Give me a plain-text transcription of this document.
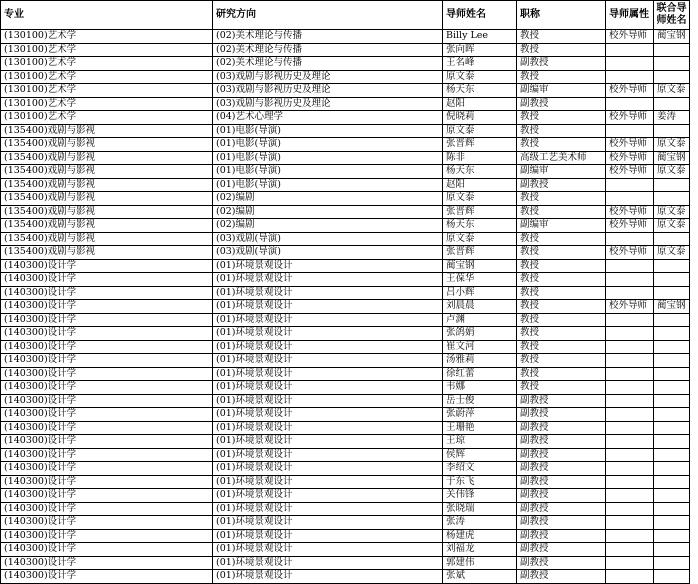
专业	研究方向	导师姓名	职称	导师属性	联合导师姓名
(130100)艺术学	(02)美术理论与传播	Billy Lee	教授	校外导师	蔺宝钢
(130100)艺术学	(02)美术理论与传播	张向晖	教授		
(130100)艺术学	(02)美术理论与传播	王名峰	副教授		
(130100)艺术学	(03)戏剧与影视历史及理论	原文泰	教授		
(130100)艺术学	(03)戏剧与影视历史及理论	杨天东	副编审	校外导师	原文泰
(130100)艺术学	(03)戏剧与影视历史及理论	赵阳	副教授		
(130100)艺术学	(04)艺术心理学	倪晓莉	教授	校外导师	姜涛
(135400)戏剧与影视	(01)电影(导演)	原文泰	教授		
(135400)戏剧与影视	(01)电影(导演)	张晋辉	教授	校外导师	原文泰
(135400)戏剧与影视	(01)电影(导演)	陈非	高级工艺美术师	校外导师	蔺宝钢
(135400)戏剧与影视	(01)电影(导演)	杨天东	副编审	校外导师	原文泰
(135400)戏剧与影视	(01)电影(导演)	赵阳	副教授		
(135400)戏剧与影视	(02)编剧	原文泰	教授		
(135400)戏剧与影视	(02)编剧	张晋辉	教授	校外导师	原文泰
(135400)戏剧与影视	(02)编剧	杨天东	副编审	校外导师	原文泰
(135400)戏剧与影视	(03)戏剧(导演)	原文泰	教授		
(135400)戏剧与影视	(03)戏剧(导演)	张晋辉	教授	校外导师	原文泰
(140300)设计学	(01)环境景观设计	蔺宝钢	教授		
(140300)设计学	(01)环境景观设计	王葆华	教授		
(140300)设计学	(01)环境景观设计	吕小辉	教授		
(140300)设计学	(01)环境景观设计	刘晨晨	教授	校外导师	蔺宝钢
(140300)设计学	(01)环境景观设计	卢渊	教授		
(140300)设计学	(01)环境景观设计	张鸽娟	教授		
(140300)设计学	(01)环境景观设计	崔文河	教授		
(140300)设计学	(01)环境景观设计	汤雅莉	教授		
(140300)设计学	(01)环境景观设计	徐红蕾	教授		
(140300)设计学	(01)环境景观设计	韦娜	教授		
(140300)设计学	(01)环境景观设计	岳士俊	副教授		
(140300)设计学	(01)环境景观设计	张蔚萍	副教授		
(140300)设计学	(01)环境景观设计	王珊艳	副教授		
(140300)设计学	(01)环境景观设计	王琼	副教授		
(140300)设计学	(01)环境景观设计	侯辉	副教授		
(140300)设计学	(01)环境景观设计	李绍文	副教授		
(140300)设计学	(01)环境景观设计	于东飞	副教授		
(140300)设计学	(01)环境景观设计	关伟锋	副教授		
(140300)设计学	(01)环境景观设计	张晓瑞	副教授		
(140300)设计学	(01)环境景观设计	张涛	副教授		
(140300)设计学	(01)环境景观设计	杨建虎	副教授		
(140300)设计学	(01)环境景观设计	刘福龙	副教授		
(140300)设计学	(01)环境景观设计	郭建伟	副教授		
(140300)设计学	(01)环境景观设计	张斌	副教授		
